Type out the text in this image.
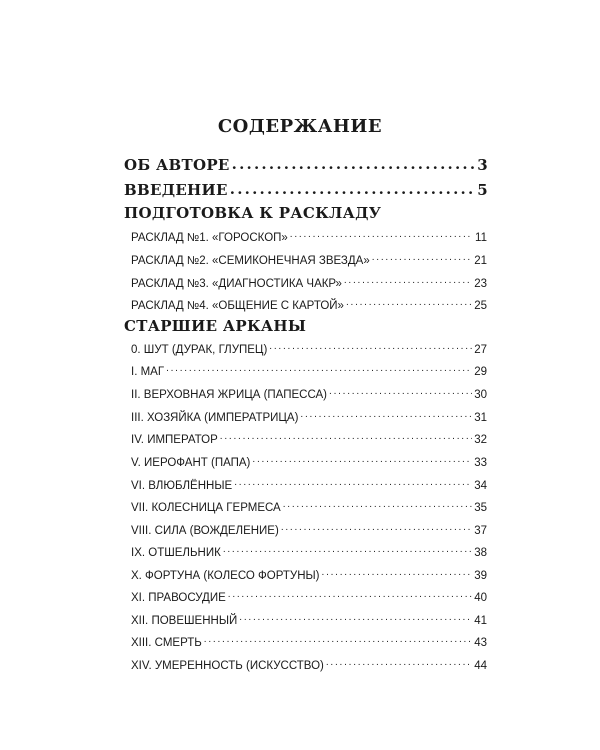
СОДЕРЖАНИЕ
ОБ АВТОРЕ . . .	3
ВВЕДЕНИЕ . . .	5
ПОДГОТОВКА К РАСКЛАДУ
РАСКЛАД №1. «ГОРОСКОП» . . .	11
РАСКЛАД №2. «СЕМИКОНЕЧНАЯ ЗВЕЗДА» . . .	21
РАСКЛАД №3. «ДИАГНОСТИКА ЧАКР» . . .	23
РАСКЛАД №4. «ОБЩЕНИЕ С КАРТОЙ» . . .	25
СТАРШИЕ АРКАНЫ
0. ШУТ (ДУРАК, ГЛУПЕЦ) . . .	27
I. МАГ . . .	29
II. ВЕРХОВНАЯ ЖРИЦА (ПАПЕССА) . . .	30
III. ХОЗЯЙКА (ИМПЕРАТРИЦА) . . .	31
IV. ИМПЕРАТОР . . .	32
V. ИЕРОФАНТ (ПАПА) . . .	33
VI. ВЛЮБЛЁННЫЕ . . .	34
VII. КОЛЕСНИЦА ГЕРМЕСА . . .	35
VIII. СИЛА (ВОЖДЕЛЕНИЕ) . . .	37
IX. ОТШЕЛЬНИК . . .	38
X. ФОРТУНА (КОЛЕСО ФОРТУНЫ) . . .	39
XI. ПРАВОСУДИЕ . . .	40
XII. ПОВЕШЕННЫЙ . . .	41
XIII. СМЕРТЬ . . .	43
XIV. УМЕРЕННОСТЬ (ИСКУССТВО) . . .	44
